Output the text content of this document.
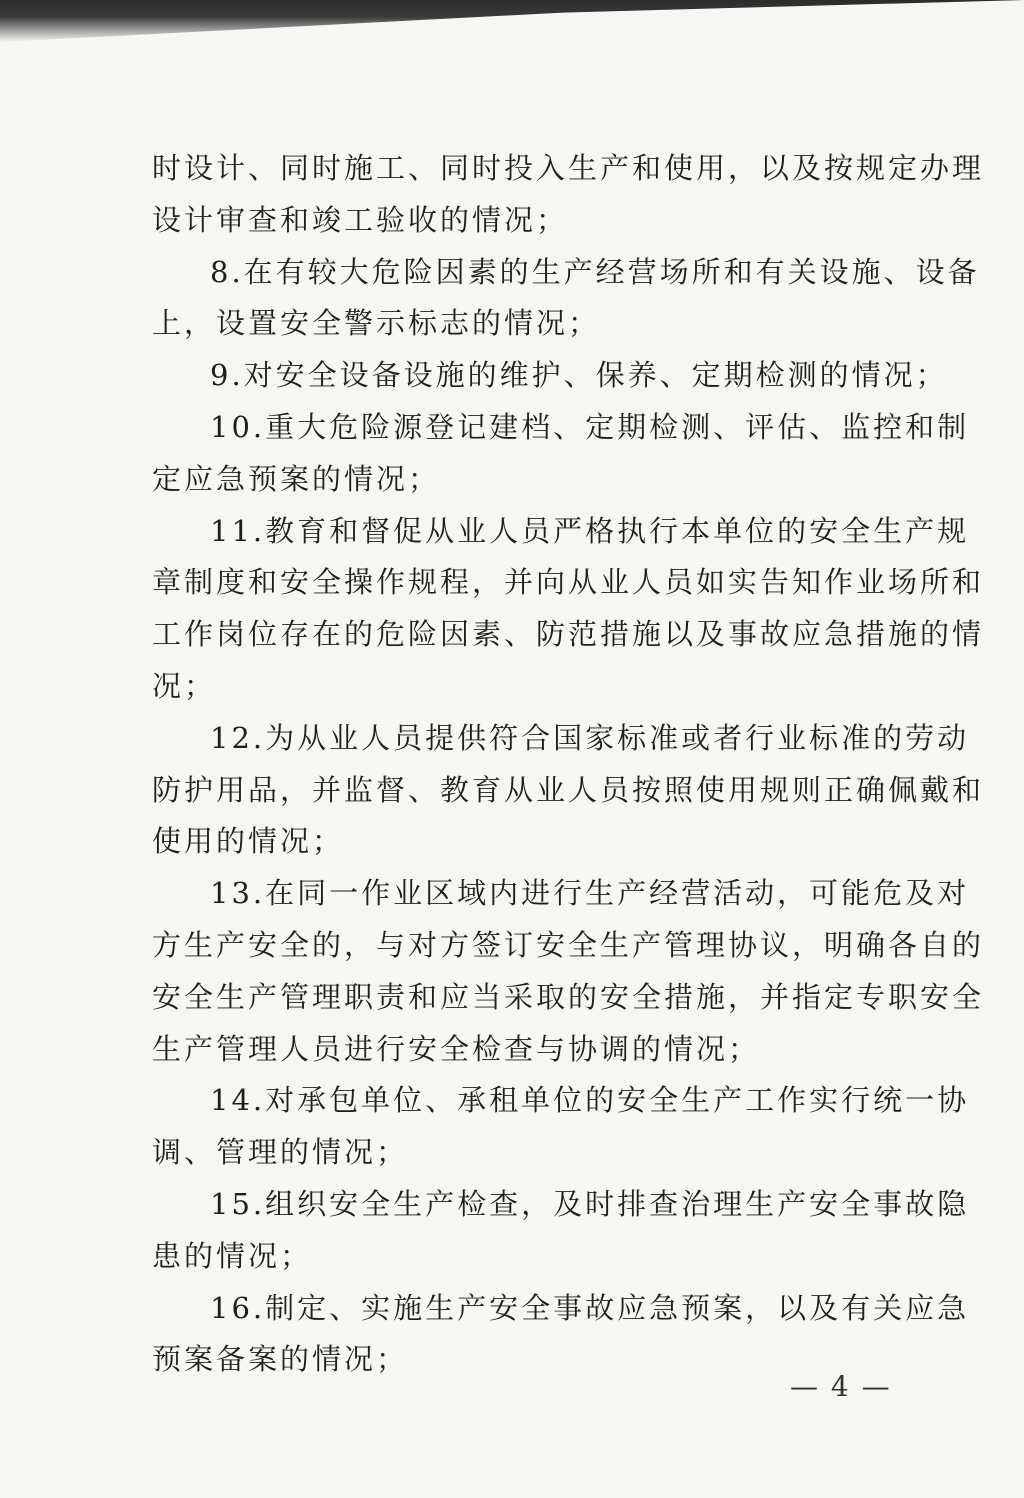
时设计、同时施工、同时投入生产和使用，以及按规定办理
设计审查和竣工验收的情况；
8.在有较大危险因素的生产经营场所和有关设施、设备
上，设置安全警示标志的情况；
9.对安全设备设施的维护、保养、定期检测的情况；
10.重大危险源登记建档、定期检测、评估、监控和制
定应急预案的情况；
11.教育和督促从业人员严格执行本单位的安全生产规
章制度和安全操作规程，并向从业人员如实告知作业场所和
工作岗位存在的危险因素、防范措施以及事故应急措施的情
况；
12.为从业人员提供符合国家标准或者行业标准的劳动
防护用品，并监督、教育从业人员按照使用规则正确佩戴和
使用的情况；
13.在同一作业区域内进行生产经营活动，可能危及对
方生产安全的，与对方签订安全生产管理协议，明确各自的
安全生产管理职责和应当采取的安全措施，并指定专职安全
生产管理人员进行安全检查与协调的情况；
14.对承包单位、承租单位的安全生产工作实行统一协
调、管理的情况；
15.组织安全生产检查，及时排查治理生产安全事故隐
患的情况；
16.制定、实施生产安全事故应急预案，以及有关应急
预案备案的情况；
— 4 —
